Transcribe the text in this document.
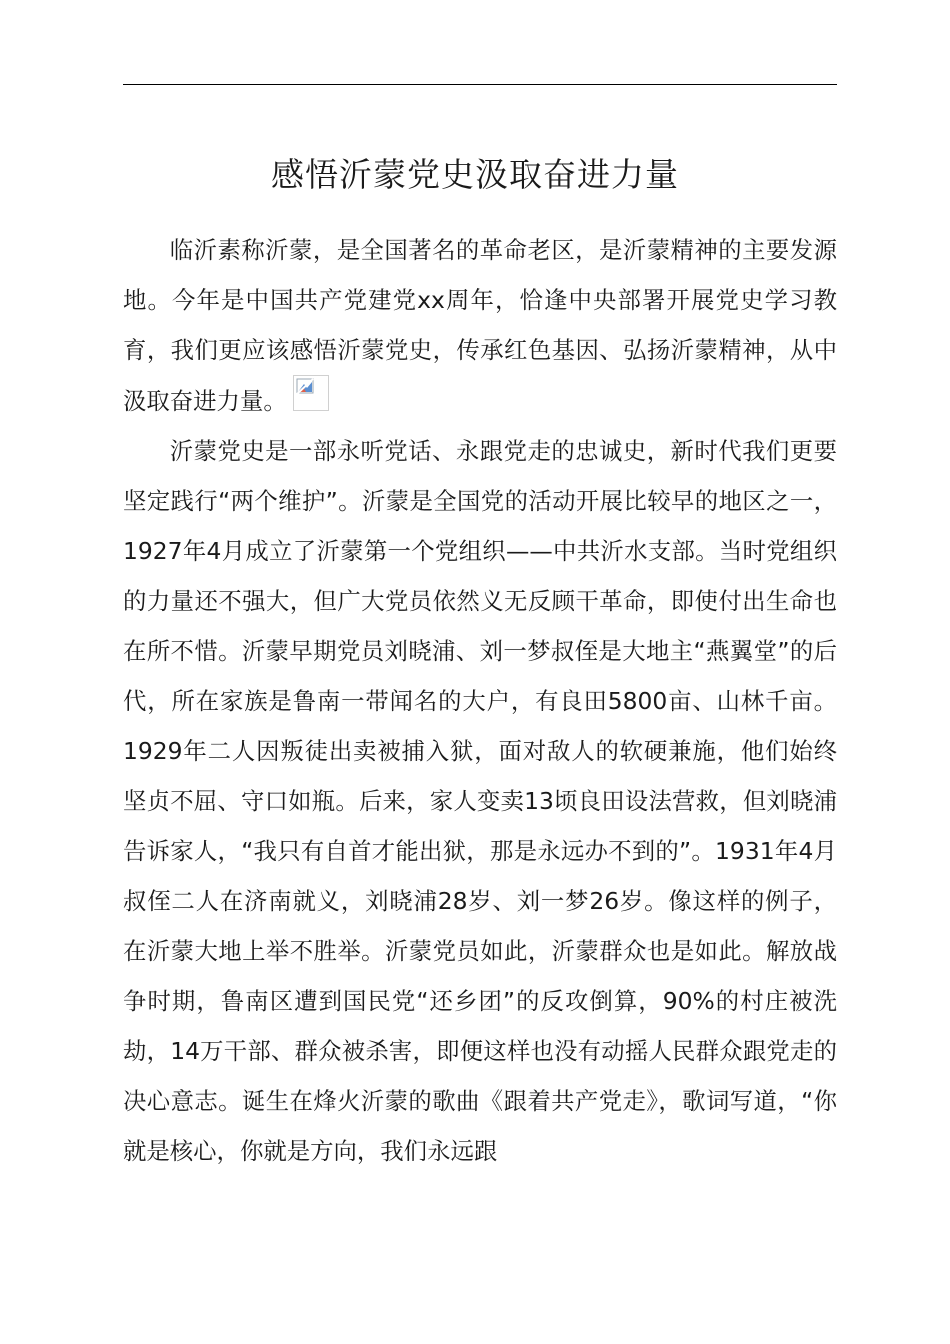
感悟沂蒙党史汲取奋进力量

临沂素称沂蒙，是全国著名的革命老区，是沂蒙精神的主要发源地。今年是中国共产党建党xx周年，恰逢中央部署开展党史学习教育，我们更应该感悟沂蒙党史，传承红色基因、弘扬沂蒙精神，从中汲取奋进力量。

沂蒙党史是一部永听党话、永跟党走的忠诚史，新时代我们更要坚定践行“两个维护”。沂蒙是全国党的活动开展比较早的地区之一，1927年4月成立了沂蒙第一个党组织——中共沂水支部。当时党组织的力量还不强大，但广大党员依然义无反顾干革命，即使付出生命也在所不惜。沂蒙早期党员刘晓浦、刘一梦叔侄是大地主“燕翼堂”的后代，所在家族是鲁南一带闻名的大户，有良田5800亩、山林千亩。1929年二人因叛徒出卖被捕入狱，面对敌人的软硬兼施，他们始终坚贞不屈、守口如瓶。后来，家人变卖13顷良田设法营救，但刘晓浦告诉家人，“我只有自首才能出狱，那是永远办不到的”。1931年4月叔侄二人在济南就义，刘晓浦28岁、刘一梦26岁。像这样的例子，在沂蒙大地上举不胜举。沂蒙党员如此，沂蒙群众也是如此。解放战争时期，鲁南区遭到国民党“还乡团”的反攻倒算，90%的村庄被洗劫，14万干部、群众被杀害，即便这样也没有动摇人民群众跟党走的决心意志。诞生在烽火沂蒙的歌曲《跟着共产党走》，歌词写道，“你就是核心，你就是方向，我们永远跟
